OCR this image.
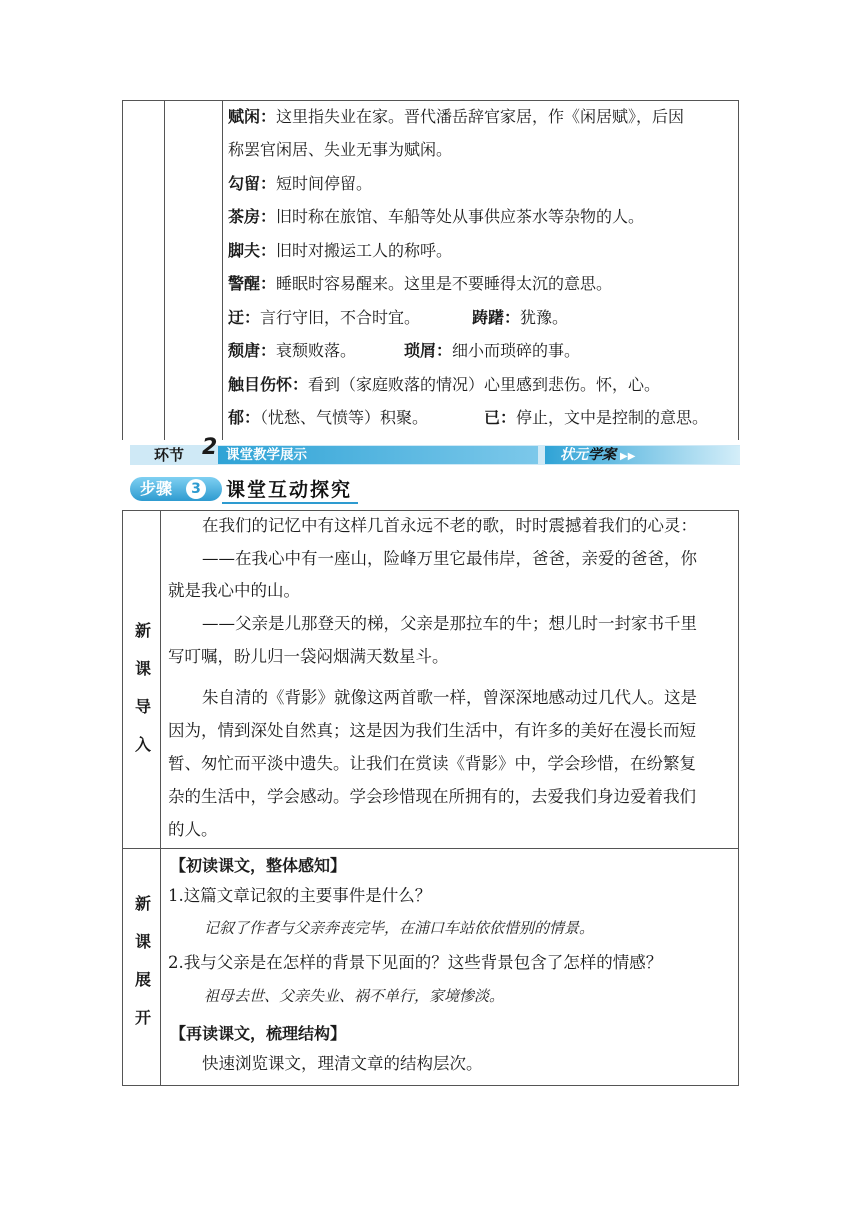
赋闲：这里指失业在家。晋代潘岳辞官家居，作《闲居赋》，后因
称罢官闲居、失业无事为赋闲。
勾留：短时间停留。
茶房：旧时称在旅馆、车船等处从事供应茶水等杂物的人。
脚夫：旧时对搬运工人的称呼。
警醒：睡眠时容易醒来。这里是不要睡得太沉的意思。
迂：言行守旧，不合时宜。	踌躇：犹豫。
颓唐：衰颓败落。	琐屑：细小而琐碎的事。
触目伤怀：看到（家庭败落的情况）心里感到悲伤。怀，心。
郁：（忧愁、气愤等）积聚。	已：停止，文中是控制的意思。
环节 2 课堂教学展示	状元学案 ▶▶
步骤	3 课堂互动探究
新
课
导
入
在我们的记忆中有这样几首永远不老的歌，时时震撼着我们的心灵：
——在我心中有一座山，险峰万里它最伟岸，爸爸，亲爱的爸爸，你
就是我心中的山。
——父亲是儿那登天的梯，父亲是那拉车的牛；想儿时一封家书千里
写叮嘱，盼儿归一袋闷烟满天数星斗。
朱自清的《背影》就像这两首歌一样，曾深深地感动过几代人。这是
因为，情到深处自然真；这是因为我们生活中，有许多的美好在漫长而短
暂、匆忙而平淡中遗失。让我们在赏读《背影》中，学会珍惜，在纷繁复
杂的生活中，学会感动。学会珍惜现在所拥有的，去爱我们身边爱着我们
的人。
新
课
展
开
【初读课文，整体感知】
1.这篇文章记叙的主要事件是什么？
记叙了作者与父亲奔丧完毕，在浦口车站依依惜别的情景。
2.我与父亲是在怎样的背景下见面的？这些背景包含了怎样的情感？
祖母去世、父亲失业、祸不单行，家境惨淡。
【再读课文，梳理结构】
快速浏览课文，理清文章的结构层次。
